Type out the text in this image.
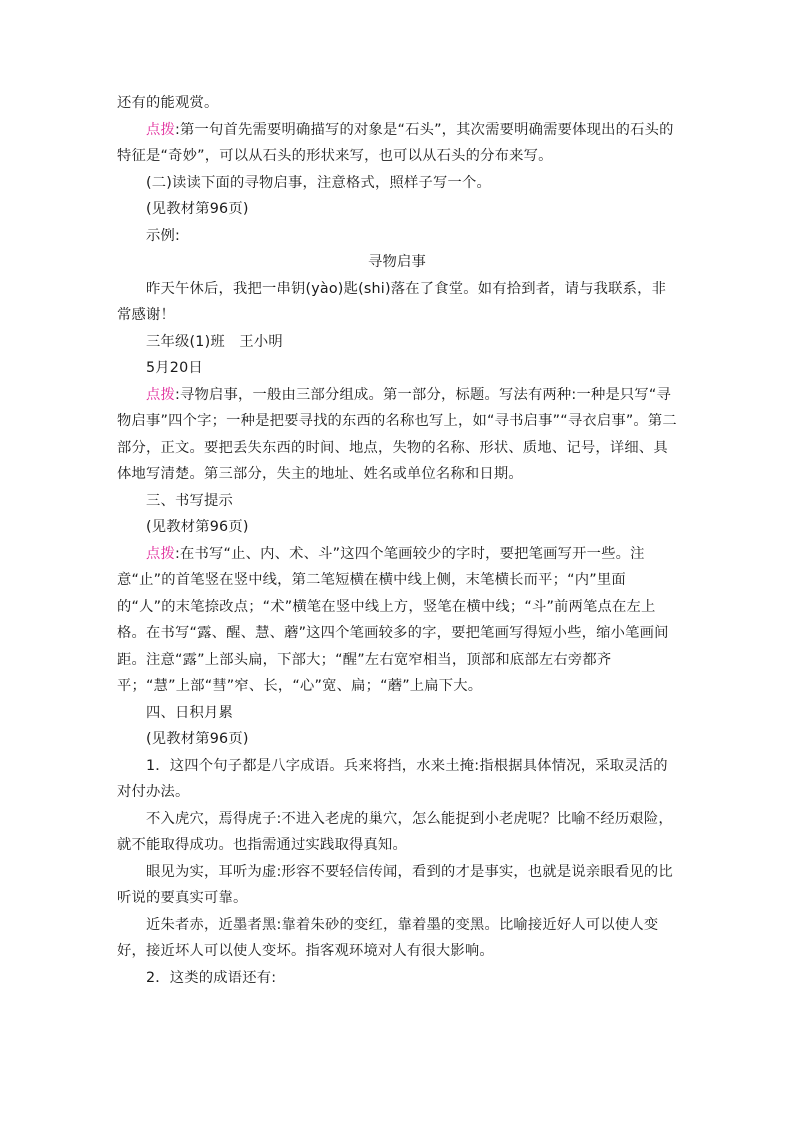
还有的能观赏。

点拨:第一句首先需要明确描写的对象是“石头”，其次需要明确需要体现出的石头的特征是“奇妙”，可以从石头的形状来写，也可以从石头的分布来写。

(二)读读下面的寻物启事，注意格式，照样子写一个。

(见教材第96页)

示例:

寻物启事

昨天午休后，我把一串钥(yào)匙(shi)落在了食堂。如有拾到者，请与我联系，非常感谢！

三年级(1)班　王小明

5月20日

点拨:寻物启事，一般由三部分组成。第一部分，标题。写法有两种:一种是只写“寻物启事”四个字；一种是把要寻找的东西的名称也写上，如“寻书启事”“寻衣启事”。第二部分，正文。要把丢失东西的时间、地点，失物的名称、形状、质地、记号，详细、具体地写清楚。第三部分，失主的地址、姓名或单位名称和日期。

三、书写提示

(见教材第96页)

点拨:在书写“止、内、术、斗”这四个笔画较少的字时，要把笔画写开一些。注意“止”的首笔竖在竖中线，第二笔短横在横中线上侧，末笔横长而平；“内”里面的“人”的末笔捺改点；“术”横笔在竖中线上方，竖笔在横中线；“斗”前两笔点在左上格。在书写“露、醒、慧、蘑”这四个笔画较多的字，要把笔画写得短小些，缩小笔画间距。注意“露”上部头扁，下部大；“醒”左右宽窄相当，顶部和底部左右旁都齐平；“慧”上部“彗”窄、长，“心”宽、扁；“蘑”上扁下大。

四、日积月累

(见教材第96页)

1．这四个句子都是八字成语。兵来将挡，水来土掩:指根据具体情况，采取灵活的对付办法。

不入虎穴，焉得虎子:不进入老虎的巢穴，怎么能捉到小老虎呢？比喻不经历艰险，就不能取得成功。也指需通过实践取得真知。

眼见为实，耳听为虚:形容不要轻信传闻，看到的才是事实，也就是说亲眼看见的比听说的要真实可靠。

近朱者赤，近墨者黑:靠着朱砂的变红，靠着墨的变黑。比喻接近好人可以使人变好，接近坏人可以使人变坏。指客观环境对人有很大影响。

2．这类的成语还有:
